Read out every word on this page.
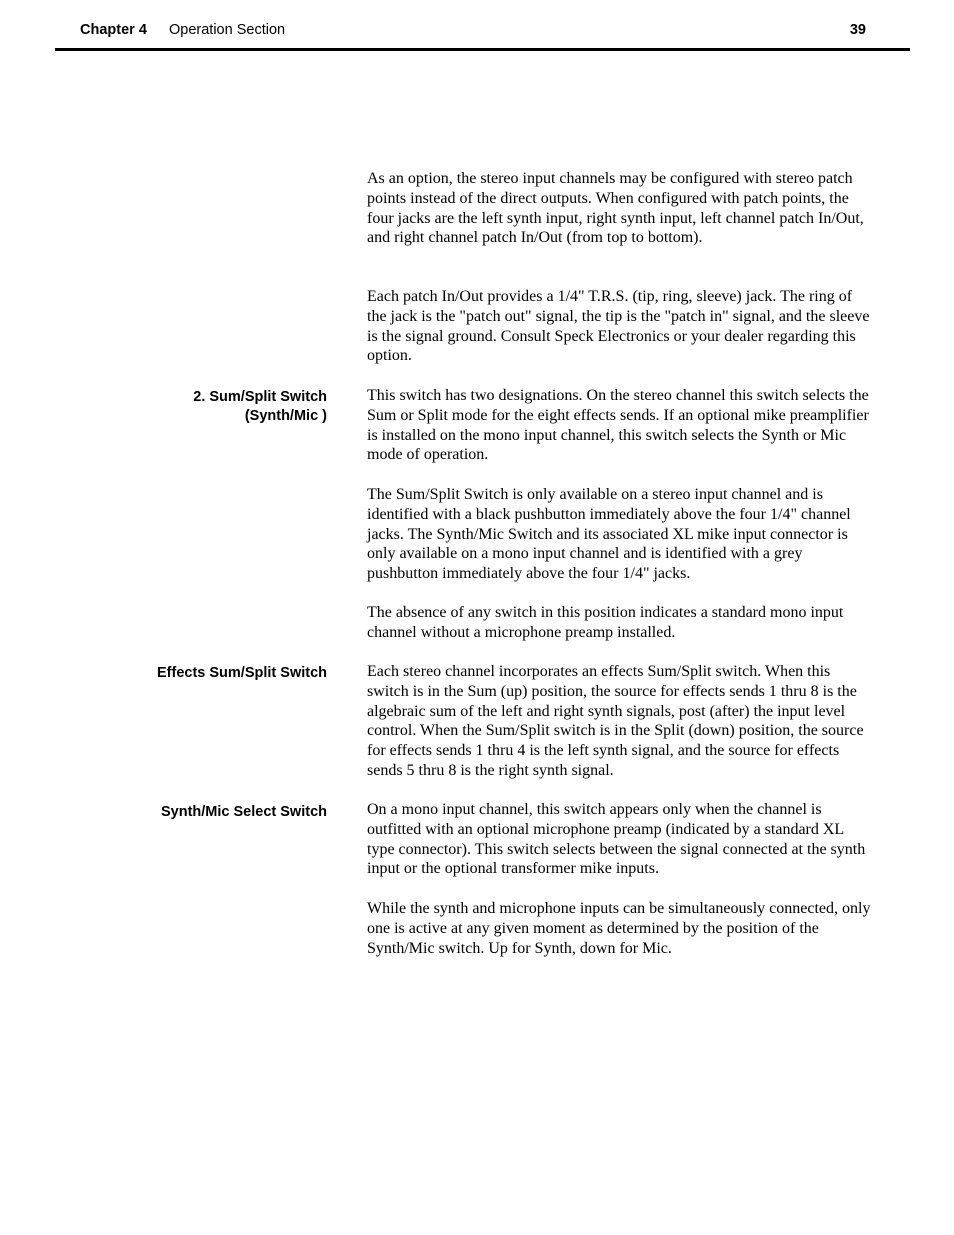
Chapter 4 Operation Section	39

As an option, the stereo input channels may be configured with stereo patch points instead of the direct outputs. When configured with patch points, the four jacks are the left synth input, right synth input, left channel patch In/Out, and right channel patch In/Out (from top to bottom).

Each patch In/Out provides a 1/4" T.R.S. (tip, ring, sleeve) jack. The ring of the jack is the "patch out" signal, the tip is the "patch in" signal, and the sleeve is the signal ground. Consult Speck Electronics or your dealer regarding this option.

2. Sum/Split Switch
(Synth/Mic )

This switch has two designations. On the stereo channel this switch selects the Sum or Split mode for the eight effects sends. If an optional mike preamplifier is installed on the mono input channel, this switch selects the Synth or Mic mode of operation.

The Sum/Split Switch is only available on a stereo input channel and is identified with a black pushbutton immediately above the four 1/4" channel jacks. The Synth/Mic Switch and its associated XL mike input connector is only available on a mono input channel and is identified with a grey pushbutton immediately above the four 1/4" jacks.

The absence of any switch in this position indicates a standard mono input channel without a microphone preamp installed.

Effects Sum/Split Switch	Each stereo channel incorporates an effects Sum/Split switch. When this switch is in the Sum (up) position, the source for effects sends 1 thru 8 is the algebraic sum of the left and right synth signals, post (after) the input level control. When the Sum/Split switch is in the Split (down) position, the source for effects sends 1 thru 4 is the left synth signal, and the source for effects sends 5 thru 8 is the right synth signal.

Synth/Mic Select Switch	On a mono input channel, this switch appears only when the channel is outfitted with an optional microphone preamp (indicated by a standard XL type connector). This switch selects between the signal connected at the synth input or the optional transformer mike inputs.

While the synth and microphone inputs can be simultaneously connected, only one is active at any given moment as determined by the position of the Synth/Mic switch. Up for Synth, down for Mic.
